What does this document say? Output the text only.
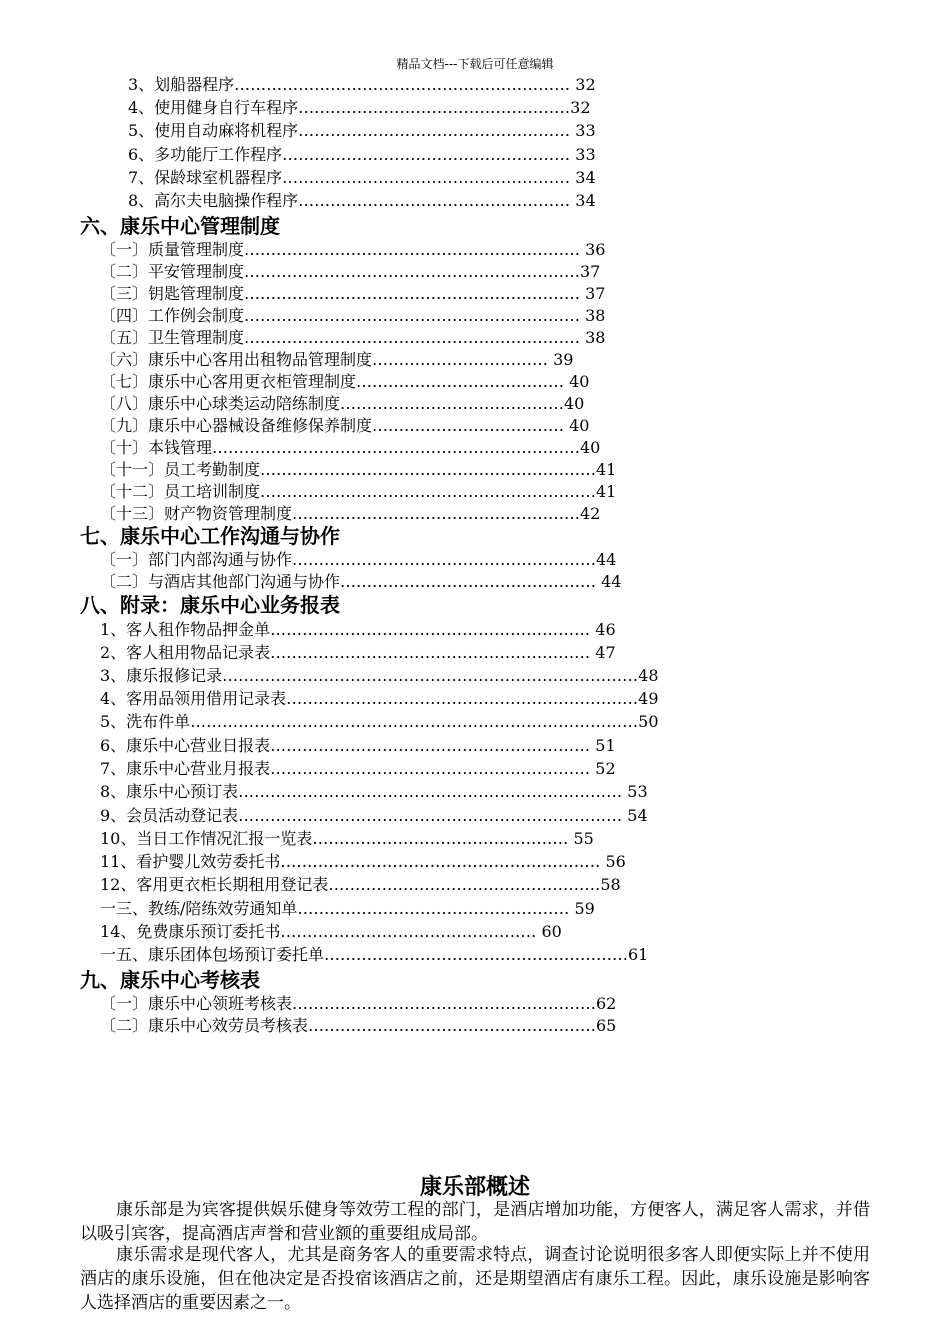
精品文档---下载后可任意编辑
3、划船器程序……………………………………………………… 32
4、使用健身自行车程序……………………………………………32
5、使用自动麻将机程序…………………………………………… 33
6、多功能厅工作程序……………………………………………… 33
7、保龄球室机器程序……………………………………………… 34
8、高尔夫电脑操作程序…………………………………………… 34
六、康乐中心管理制度
〔一〕质量管理制度……………………………………………………… 36
〔二〕平安管理制度………………………………………………………37
〔三〕钥匙管理制度……………………………………………………… 37
〔四〕工作例会制度……………………………………………………… 38
〔五〕卫生管理制度……………………………………………………… 38
〔六〕康乐中心客用出租物品管理制度…………………………… 39
〔七〕康乐中心客用更衣柜管理制度………………………………… 40
〔八〕康乐中心球类运动陪练制度……………………………………40
〔九〕康乐中心器械设备维修保养制度……………………………… 40
〔十〕本钱管理……………………………………………………………40
〔十一〕员工考勤制度………………………………………………………41
〔十二〕员工培训制度………………………………………………………41
〔十三〕财产物资管理制度………………………………………………42
七、康乐中心工作沟通与协作
〔一〕部门内部沟通与协作…………………………………………………44
〔二〕与酒店其他部门沟通与协作………………………………………… 44
八、附录：康乐中心业务报表
1、客人租作物品押金单…………………………………………………… 46
2、客人租用物品记录表…………………………………………………… 47
3、康乐报修记录……………………………………………………………………48
4、客用品领用借用记录表…………………………………………………………49
5、洗布件单…………………………………………………………………………50
6、康乐中心营业日报表…………………………………………………… 51
7、康乐中心营业月报表…………………………………………………… 52
8、康乐中心预订表……………………………………………………………… 53
9、会员活动登记表……………………………………………………………… 54
10、当日工作情况汇报一览表………………………………………… 55
11、看护婴儿效劳委托书…………………………………………………… 56
12、客用更衣柜长期租用登记表……………………………………………58
一三、教练/陪练效劳通知单…………………………………………… 59
14、免费康乐预订委托书………………………………………… 60
一五、康乐团体包场预订委托单…………………………………………………61
九、康乐中心考核表
〔一〕康乐中心领班考核表…………………………………………………62
〔二〕康乐中心效劳员考核表………………………………………………65
康乐部概述
康乐部是为宾客提供娱乐健身等效劳工程的部门，是酒店增加功能，方便客人，满足客人需求，并借以吸引宾客，提高酒店声誉和营业额的重要组成局部。
康乐需求是现代客人，尤其是商务客人的重要需求特点，调查讨论说明很多客人即便实际上并不使用酒店的康乐设施，但在他决定是否投宿该酒店之前，还是期望酒店有康乐工程。因此，康乐设施是影响客人选择酒店的重要因素之一。
